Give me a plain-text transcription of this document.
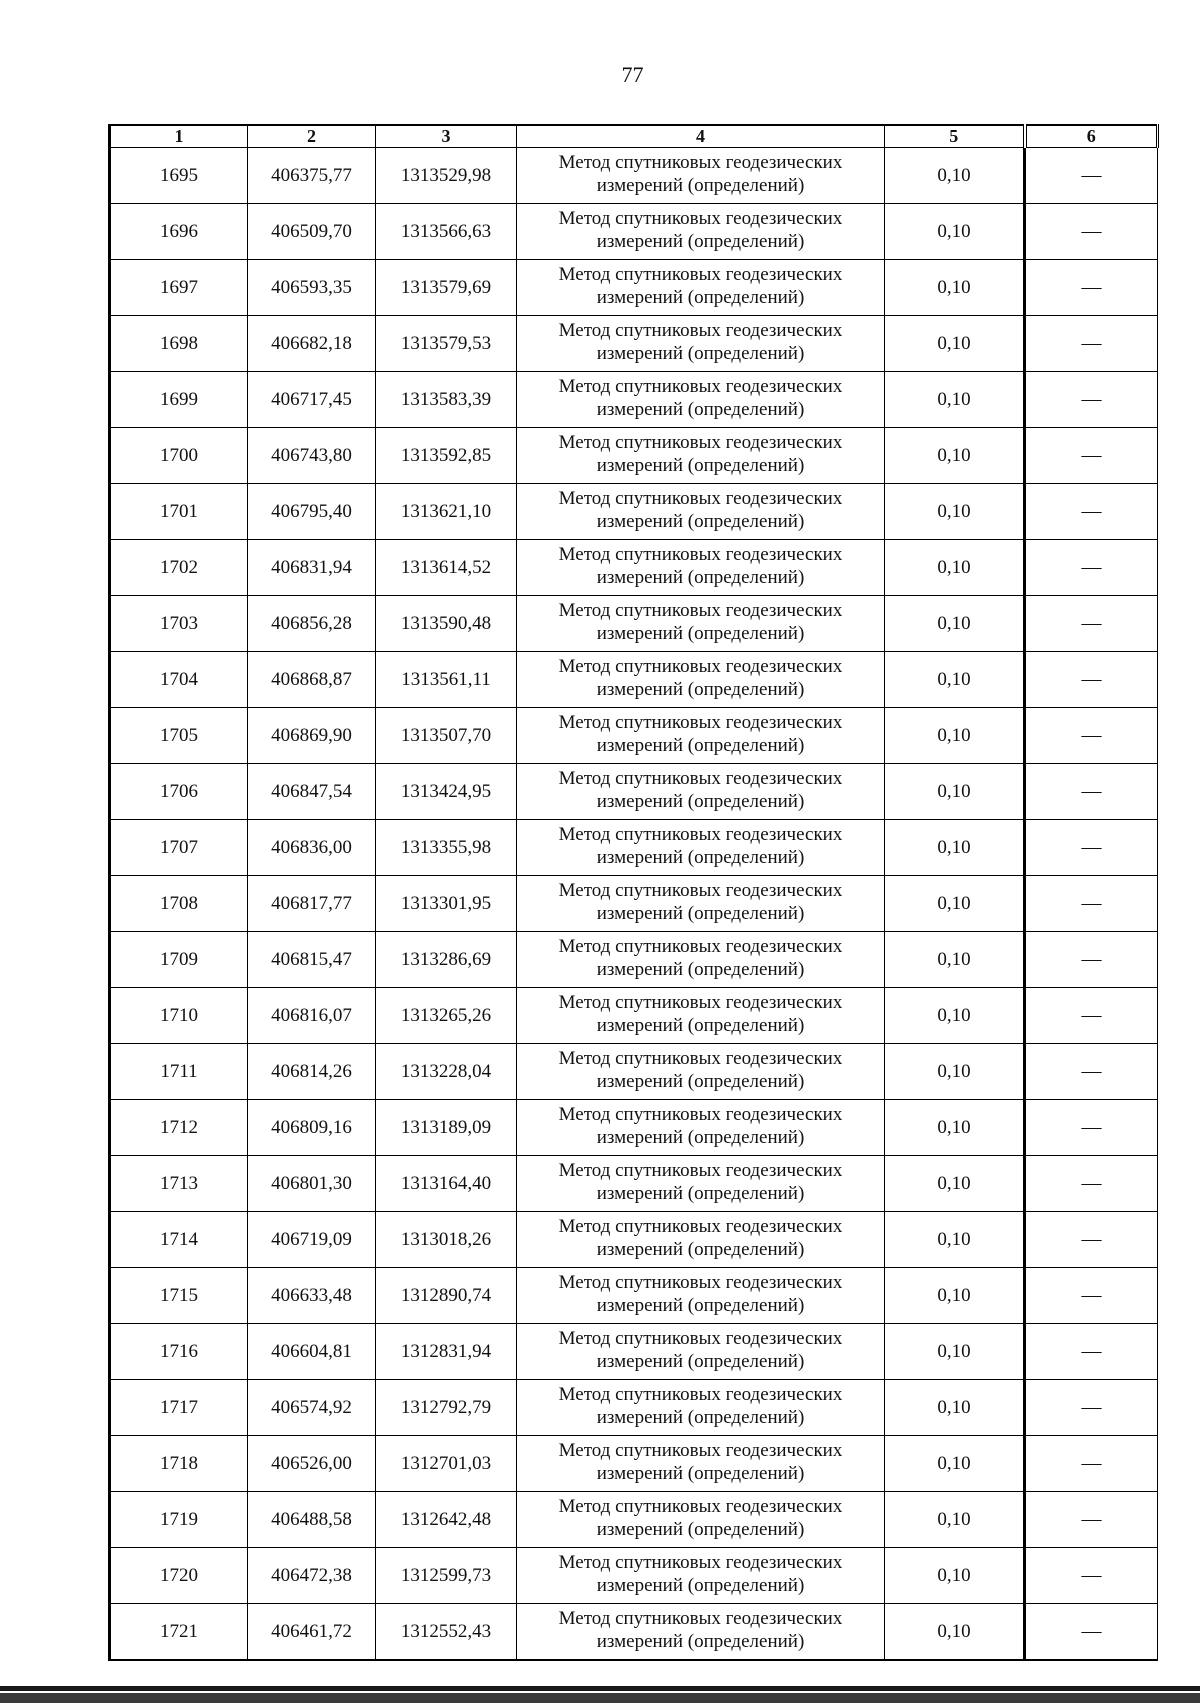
77
1	2	3	4	5	6
1695	406375,77	1313529,98	Метод спутниковых геодезических
измерений (определений)	0,10	—
1696	406509,70	1313566,63	Метод спутниковых геодезических
измерений (определений)	0,10	—
1697	406593,35	1313579,69	Метод спутниковых геодезических
измерений (определений)	0,10	—
1698	406682,18	1313579,53	Метод спутниковых геодезических
измерений (определений)	0,10	—
1699	406717,45	1313583,39	Метод спутниковых геодезических
измерений (определений)	0,10	—
1700	406743,80	1313592,85	Метод спутниковых геодезических
измерений (определений)	0,10	—
1701	406795,40	1313621,10	Метод спутниковых геодезических
измерений (определений)	0,10	—
1702	406831,94	1313614,52	Метод спутниковых геодезических
измерений (определений)	0,10	—
1703	406856,28	1313590,48	Метод спутниковых геодезических
измерений (определений)	0,10	—
1704	406868,87	1313561,11	Метод спутниковых геодезических
измерений (определений)	0,10	—
1705	406869,90	1313507,70	Метод спутниковых геодезических
измерений (определений)	0,10	—
1706	406847,54	1313424,95	Метод спутниковых геодезических
измерений (определений)	0,10	—
1707	406836,00	1313355,98	Метод спутниковых геодезических
измерений (определений)	0,10	—
1708	406817,77	1313301,95	Метод спутниковых геодезических
измерений (определений)	0,10	—
1709	406815,47	1313286,69	Метод спутниковых геодезических
измерений (определений)	0,10	—
1710	406816,07	1313265,26	Метод спутниковых геодезических
измерений (определений)	0,10	—
1711	406814,26	1313228,04	Метод спутниковых геодезических
измерений (определений)	0,10	—
1712	406809,16	1313189,09	Метод спутниковых геодезических
измерений (определений)	0,10	—
1713	406801,30	1313164,40	Метод спутниковых геодезических
измерений (определений)	0,10	—
1714	406719,09	1313018,26	Метод спутниковых геодезических
измерений (определений)	0,10	—
1715	406633,48	1312890,74	Метод спутниковых геодезических
измерений (определений)	0,10	—
1716	406604,81	1312831,94	Метод спутниковых геодезических
измерений (определений)	0,10	—
1717	406574,92	1312792,79	Метод спутниковых геодезических
измерений (определений)	0,10	—
1718	406526,00	1312701,03	Метод спутниковых геодезических
измерений (определений)	0,10	—
1719	406488,58	1312642,48	Метод спутниковых геодезических
измерений (определений)	0,10	—
1720	406472,38	1312599,73	Метод спутниковых геодезических
измерений (определений)	0,10	—
1721	406461,72	1312552,43	Метод спутниковых геодезических
измерений (определений)	0,10	—
